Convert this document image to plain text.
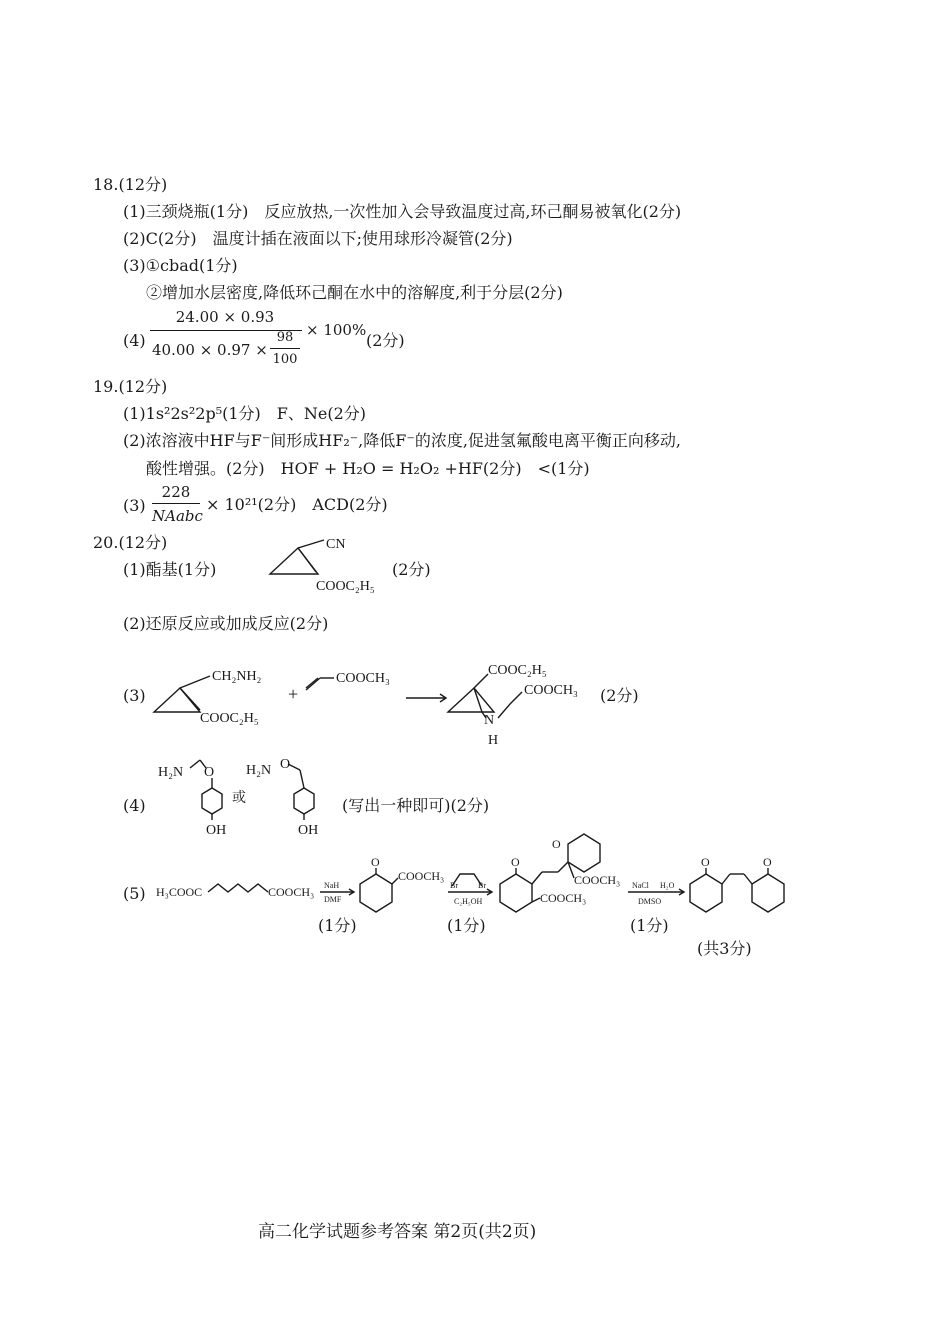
18.(12分)
(1)三颈烧瓶(1分)　反应放热,一次性加入会导致温度过高,环己酮易被氧化(2分)
(2)C(2分)　温度计插在液面以下;使用球形冷凝管(2分)
(3)①cbad(1分)
②增加水层密度,降低环己酮在水中的溶解度,利于分层(2分)
(4)
24.00 × 0.93
40.00 × 0.97 ×
98
100
× 100%
(2分)
19.(12分)
(1)1s²2s²2p⁵(1分)　F、Ne(2分)
(2)浓溶液中HF与F⁻间形成HF₂⁻,降低F⁻的浓度,促进氢氟酸电离平衡正向移动,
酸性增强。(2分)　HOF + H₂O = H₂O₂ +HF(2分)　<(1分)
(3)
228
NAabc
× 10²¹(2分)　ACD(2分)
20.(12分)
(1)酯基(1分)
CN
COOC₂H₅
(2分)
(2)还原反应或加成反应(2分)
(3)
CH₂NH₂
COOC₂H₅
+
COOCH₃
COOC₂H₅
N
H
COOCH₃ (2分)
(4)
H₂N O
OH
或
H₂N O
OH
(写出一种即可)(2分)
(5) H₃COOC	COOCH₃ NaH
DMF
O
COOCH₃
Br	Br
C₂H₅OH
O
O
COOCH₃
COOCH₃
NaCl H₂O
DMSO
O	O
(1分)	(1分)	(1分)
(共3分)
高二化学试题参考答案 第2页(共2页)
